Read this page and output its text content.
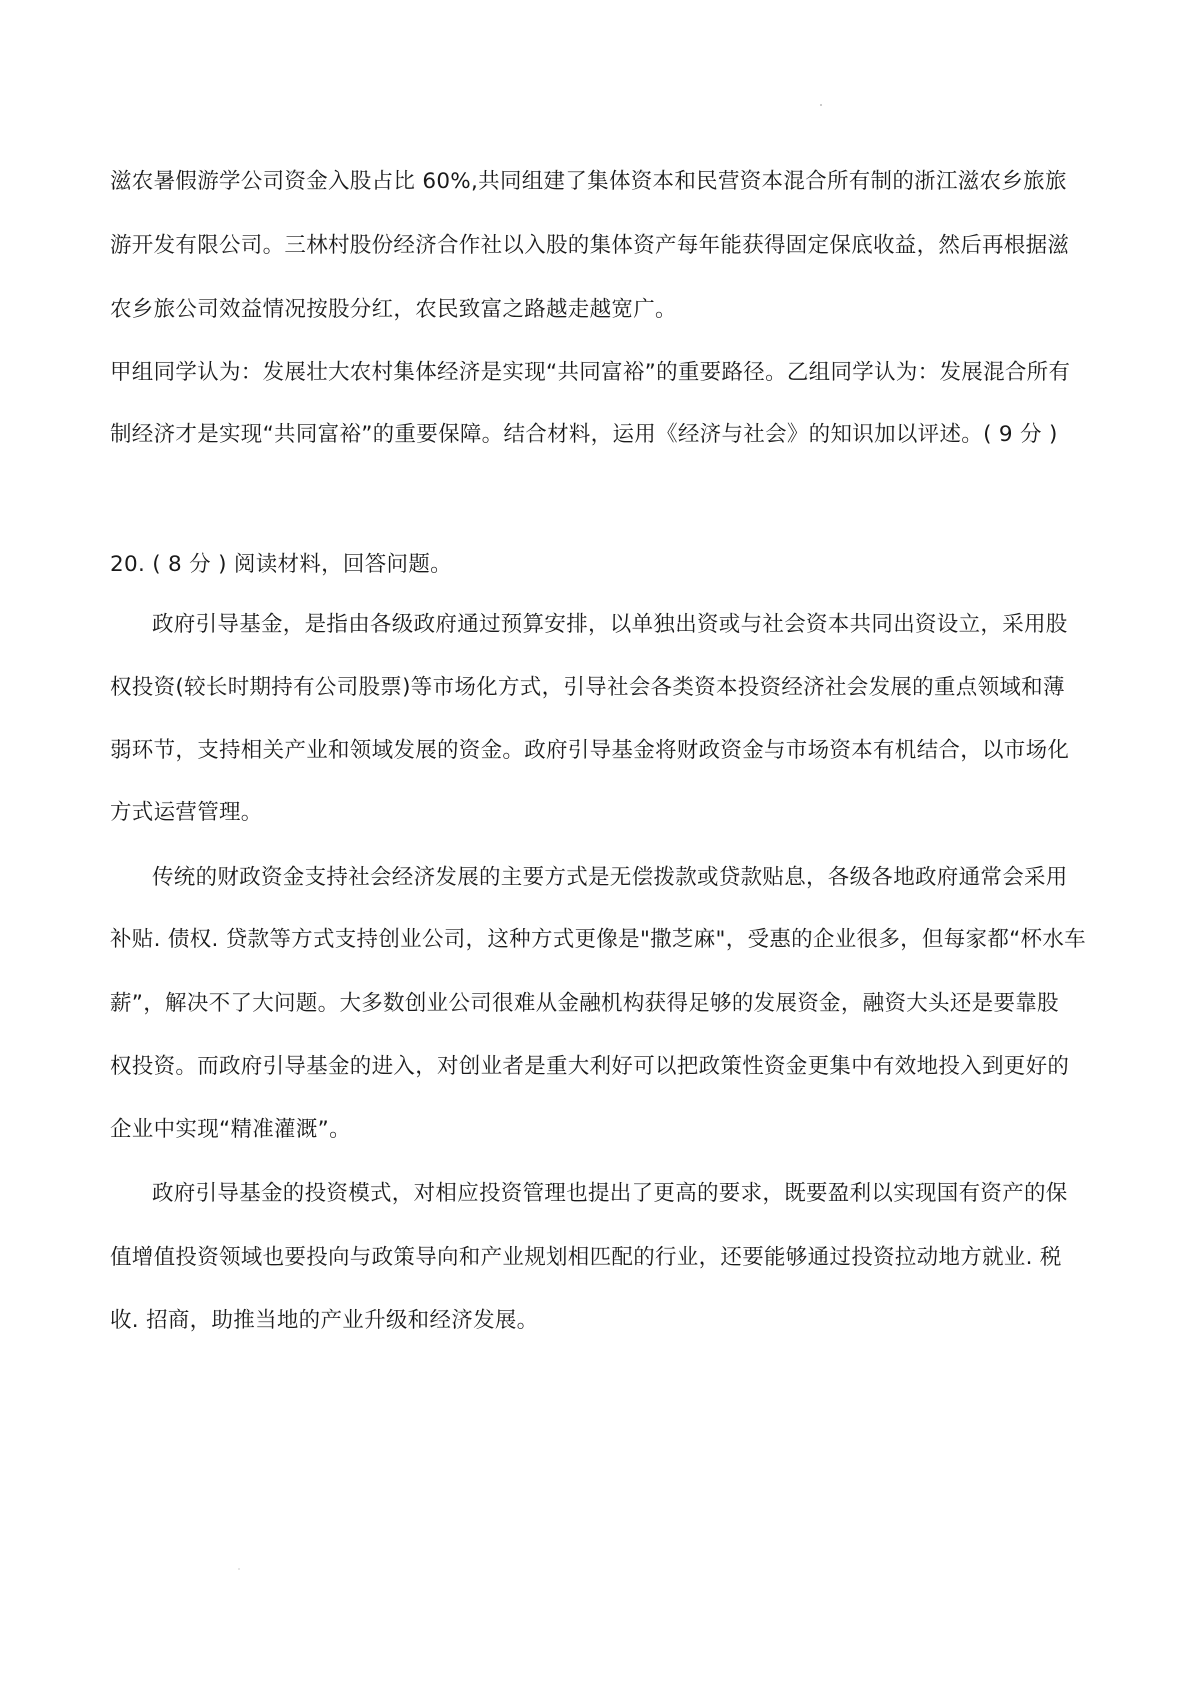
滋农暑假游学公司资金入股占比 60%,共同组建了集体资本和民营资本混合所有制的浙江滋农乡旅旅
游开发有限公司。三林村股份经济合作社以入股的集体资产每年能获得固定保底收益，然后再根据滋
农乡旅公司效益情况按股分红，农民致富之路越走越宽广。
甲组同学认为：发展壮大农村集体经济是实现“共同富裕”的重要路径。乙组同学认为：发展混合所有
制经济才是实现“共同富裕”的重要保障。结合材料，运用《经济与社会》的知识加以评述。( 9 分 )
20. ( 8 分 ) 阅读材料，回答问题。
政府引导基金，是指由各级政府通过预算安排，以单独出资或与社会资本共同出资设立，采用股
权投资(较长时期持有公司股票)等市场化方式，引导社会各类资本投资经济社会发展的重点领域和薄
弱环节，支持相关产业和领域发展的资金。政府引导基金将财政资金与市场资本有机结合，以市场化
方式运营管理。
传统的财政资金支持社会经济发展的主要方式是无偿拨款或贷款贴息，各级各地政府通常会采用
补贴. 债权. 贷款等方式支持创业公司，这种方式更像是"撒芝麻"，受惠的企业很多，但每家都“杯水车
薪”，解决不了大问题。大多数创业公司很难从金融机构获得足够的发展资金，融资大头还是要靠股
权投资。而政府引导基金的进入，对创业者是重大利好可以把政策性资金更集中有效地投入到更好的
企业中实现“精准灌溉”。
政府引导基金的投资模式，对相应投资管理也提出了更高的要求，既要盈利以实现国有资产的保
值增值投资领域也要投向与政策导向和产业规划相匹配的行业，还要能够通过投资拉动地方就业. 税
收. 招商，助推当地的产业升级和经济发展。
